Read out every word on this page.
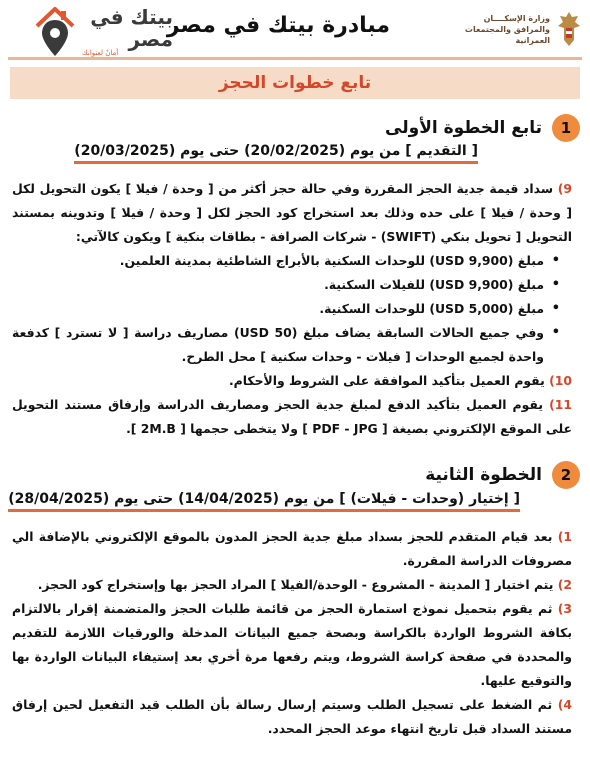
وزارة الإسكــــان
والمرافق والمجتمعات
العمرانية
مبادرة بيتك في مصر
بيتك في مصر
أمانٌ لعنوانك
تابع خطوات الحجز
1
تابع الخطوة الأولى
[ التقديم ] من يوم (20/02/2025) حتى يوم (20/03/2025)

9) سداد قيمة جدية الحجز المقررة وفي حالة حجز أكثر من [ وحدة / فيلا ] يكون التحويل لكل [ وحدة / فيلا ] على حده وذلك بعد استخراج كود الحجز لكل [ وحدة / فيلا ] وتدوينه بمستند التحويل [ تحويل بنكي (SWIFT) - شركات الصرافة - بطاقات بنكية ] ويكون كالآتي:

• مبلغ (USD 9,900) للوحدات السكنية بالأبراج الشاطئية بمدينة العلمين.
• مبلغ (USD 9,900) للفيلات السكنية.
• مبلغ (USD 5,000) للوحدات السكنية.
• وفي جميع الحالات السابقة يضاف مبلغ (USD 50) مصاريف دراسة [ لا تسترد ] كدفعة واحدة لجميع الوحدات [ فيلات - وحدات سكنية ] محل الطرح.

10) يقوم العميل بتأكيد الموافقة على الشروط والأحكام.

11) يقوم العميل بتأكيد الدفع لمبلغ جدية الحجز ومصاريف الدراسة وإرفاق مستند التحويل على الموقع الإلكتروني بصيغة [ PDF - JPG ] ولا يتخطى حجمها [ 2M.B ].

2
الخطوة الثانية
[ إختيار (وحدات - فيلات) ] من يوم (14/04/2025) حتى يوم (28/04/2025)

1) بعد قيام المتقدم للحجز بسداد مبلغ جدية الحجز المدون بالموقع الإلكتروني بالإضافة الي مصروفات الدراسة المقررة.

2) يتم اختيار [ المدينة - المشروع - الوحدة/الفيلا ] المراد الحجز بها وإستخراج كود الحجز.

3) ثم يقوم بتحميل نموذج استمارة الحجز من قائمة طلبات الحجز والمتضمنة إقرار بالالتزام بكافة الشروط الواردة بالكراسة وبصحة جميع البيانات المدخلة والورقيات اللازمة للتقديم والمحددة في صفحة كراسة الشروط، ويتم رفعها مرة أخري بعد إستيفاء البيانات الواردة بها والتوقيع عليها.

4) ثم الضغط على تسجيل الطلب وسيتم إرسال رسالة بأن الطلب قيد التفعيل لحين إرفاق مستند السداد قبل تاريخ انتهاء موعد الحجز المحدد.
